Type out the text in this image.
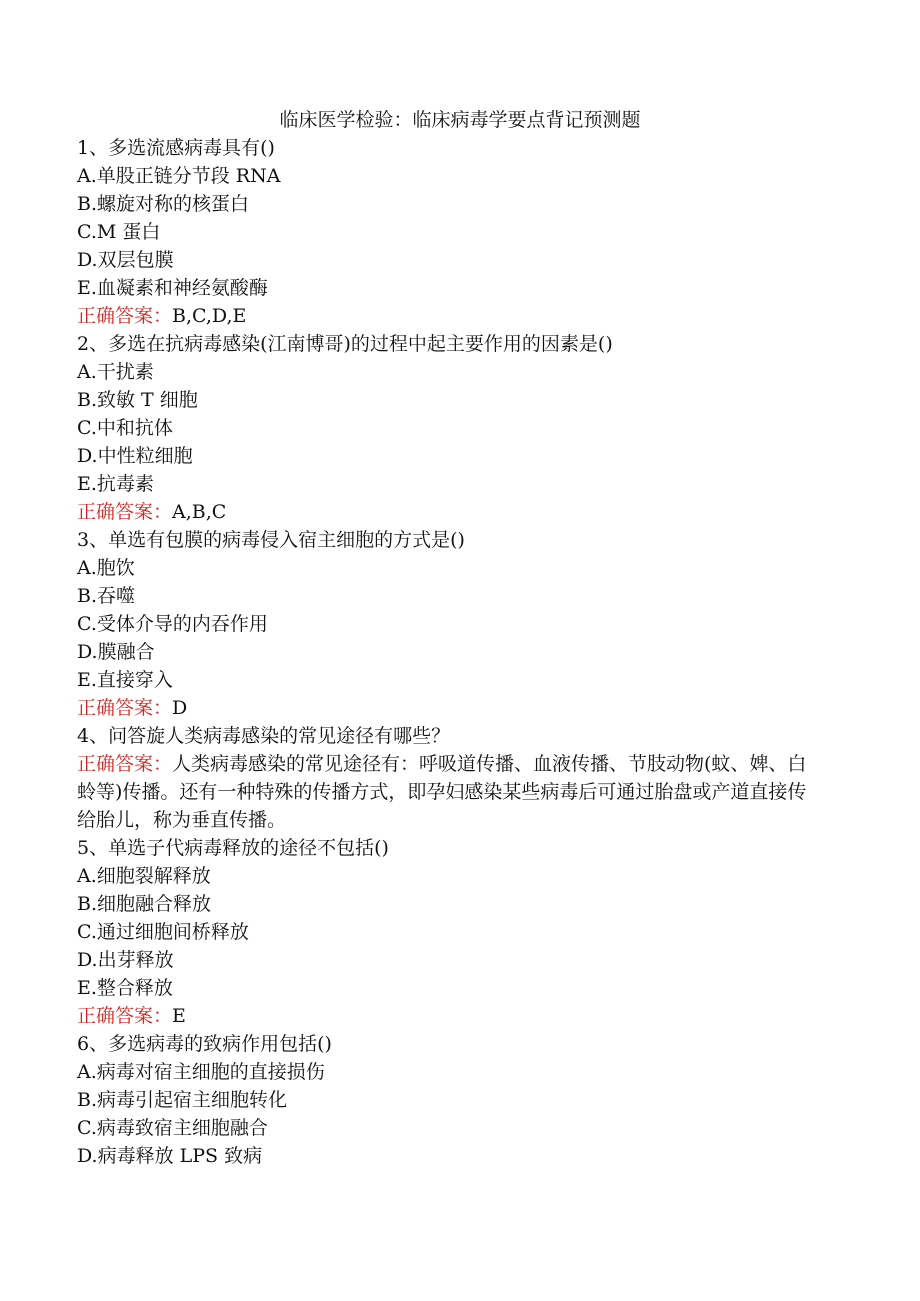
临床医学检验：临床病毒学要点背记预测题
1、多选流感病毒具有()
A.单股正链分节段 RNA
B.螺旋对称的核蛋白
C.M 蛋白
D.双层包膜
E.血凝素和神经氨酸酶
正确答案：B,C,D,E
2、多选在抗病毒感染(江南博哥)的过程中起主要作用的因素是()
A.干扰素
B.致敏 T 细胞
C.中和抗体
D.中性粒细胞
E.抗毒素
正确答案：A,B,C
3、单选有包膜的病毒侵入宿主细胞的方式是()
A.胞饮
B.吞噬
C.受体介导的内吞作用
D.膜融合
E.直接穿入
正确答案：D
4、问答旋人类病毒感染的常见途径有哪些？
正确答案：人类病毒感染的常见途径有：呼吸道传播、血液传播、节肢动物(蚊、婢、白蛉等)传播。还有一种特殊的传播方式，即孕妇感染某些病毒后可通过胎盘或产道直接传给胎儿，称为垂直传播。
5、单选子代病毒释放的途径不包括()
A.细胞裂解释放
B.细胞融合释放
C.通过细胞间桥释放
D.出芽释放
E.整合释放
正确答案：E
6、多选病毒的致病作用包括()
A.病毒对宿主细胞的直接损伤
B.病毒引起宿主细胞转化
C.病毒致宿主细胞融合
D.病毒释放 LPS 致病
